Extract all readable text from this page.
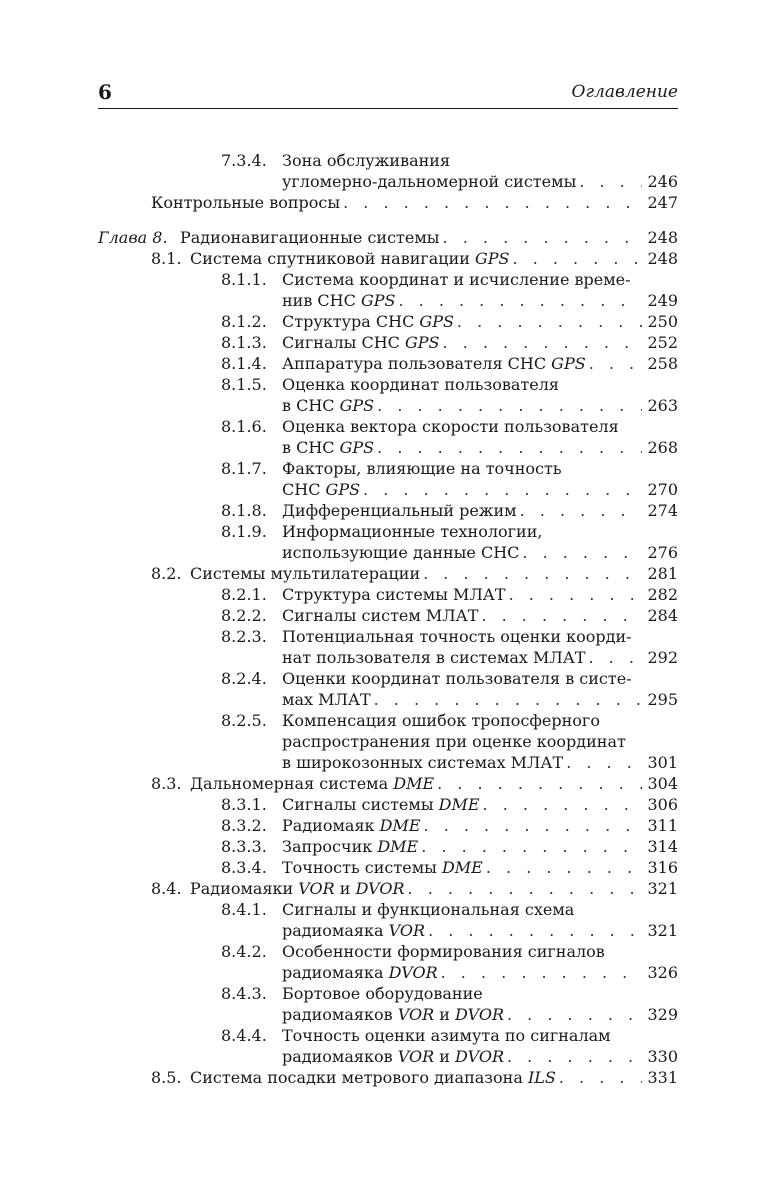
6	Оглавление
7.3.4. Зона обслуживания
угломерно-дальномерной системы . . .	246
Контрольные вопросы . . .	247
Глава 8. Радионавигационные системы . . .	248
8.1. Система спутниковой навигации GPS . . .	248
8.1.1. Система координат и исчисление време-
нив СНС GPS . . .	249
8.1.2. Структура СНС GPS . . .	250
8.1.3. Сигналы СНС GPS . . .	252
8.1.4. Аппаратура пользователя СНС GPS . . .	258
8.1.5. Оценка координат пользователя
в СНС GPS . . .	263
8.1.6. Оценка вектора скорости пользователя
в СНС GPS . . .	268
8.1.7. Факторы, влияющие на точность
СНС GPS . . .	270
8.1.8. Дифференциальный режим . . .	274
8.1.9. Информационные технологии,
использующие данные СНС . . .	276
8.2. Системы мультилатерации . . .	281
8.2.1. Структура системы МЛАТ . . .	282
8.2.2. Сигналы систем МЛАТ . . .	284
8.2.3. Потенциальная точность оценки коорди-
нат пользователя в системах МЛАТ . . .	292
8.2.4. Оценки координат пользователя в систе-
мах МЛАТ . . .	295
8.2.5. Компенсация ошибок тропосферного
распространения при оценке координат
в широкозонных системах МЛАТ . . .	301
8.3. Дальномерная система DME . . .	304
8.3.1. Сигналы системы DME . . .	306
8.3.2. Радиомаяк DME . . .	311
8.3.3. Запросчик DME . . .	314
8.3.4. Точность системы DME . . .	316
8.4. Радиомаяки VOR и DVOR . . .	321
8.4.1. Сигналы и функциональная схема
радиомаяка VOR . . .	321
8.4.2. Особенности формирования сигналов
радиомаяка DVOR . . .	326
8.4.3. Бортовое оборудование
радиомаяков VOR и DVOR . . .	329
8.4.4. Точность оценки азимута по сигналам
радиомаяков VOR и DVOR . . .	330
8.5. Система посадки метрового диапазона ILS . . .	331
